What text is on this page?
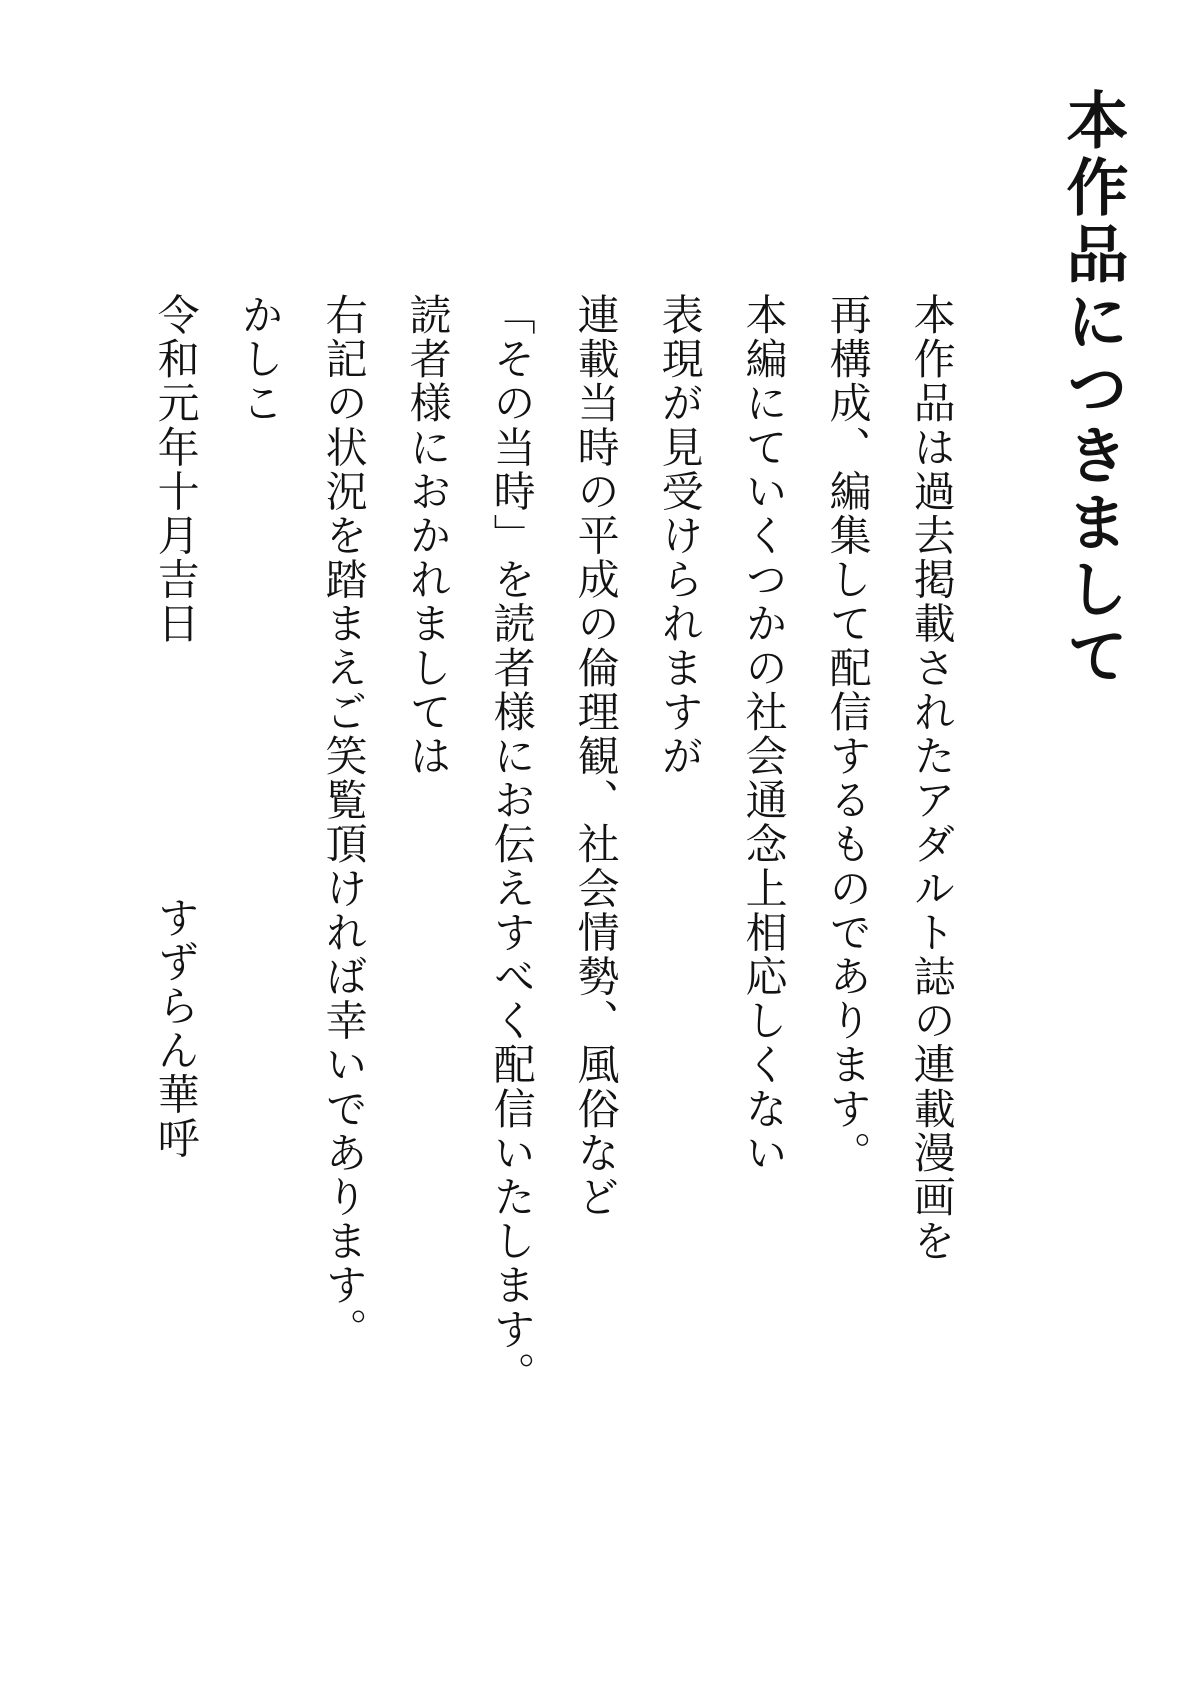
本作品につきまして

本作品は過去掲載されたアダルト誌の連載漫画を

再構成、編集して配信するものであります。

本編にていくつかの社会通念上相応しくない

表現が見受けられますが

連載当時の平成の倫理観、社会情勢、風俗など

「その当時」を読者様にお伝えすべく配信いたします。

読者様におかれましては

右記の状況を踏まえご笑覧頂ければ幸いであります。

かしこ

令和元年十月吉日すずらん華呼
